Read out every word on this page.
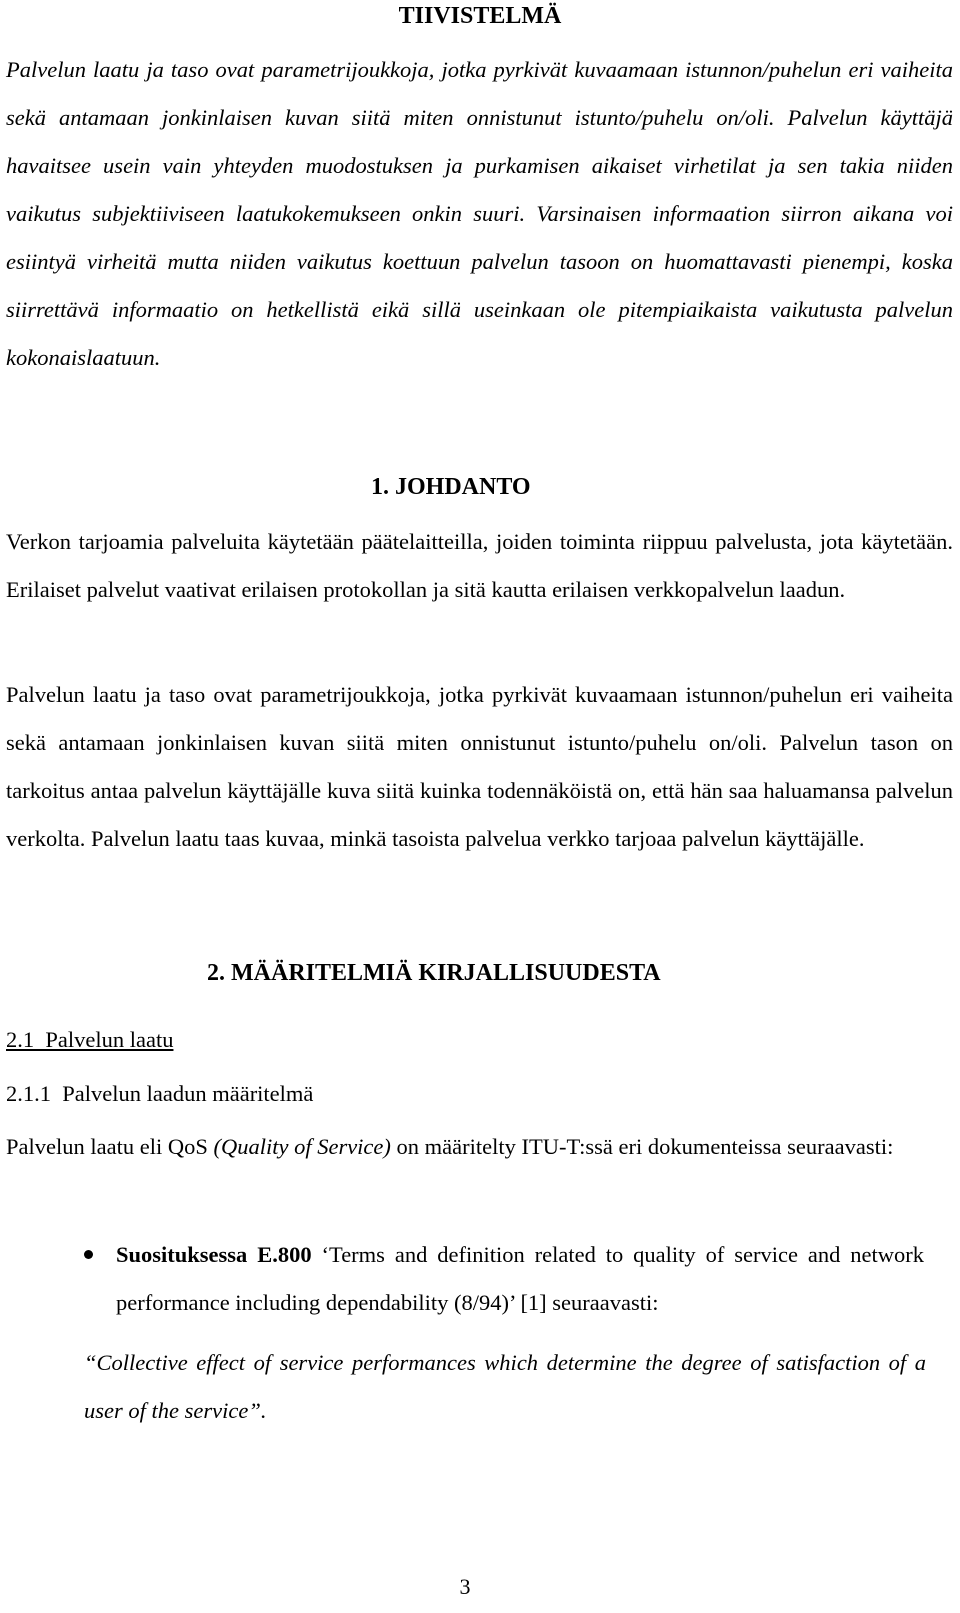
TIIVISTELMÄ
Palvelun laatu ja taso ovat parametrijoukkoja, jotka pyrkivät kuvaamaan istunnon/puhelun eri vaiheita sekä antamaan jonkinlaisen kuvan siitä miten onnistunut istunto/puhelu on/oli. Palvelun käyttäjä havaitsee usein vain yhteyden muodostuksen ja purkamisen aikaiset virhetilat ja sen takia niiden vaikutus subjektiiviseen laatukokemukseen onkin suuri. Varsinaisen informaation siirron aikana voi esiintyä virheitä mutta niiden vaikutus koettuun palvelun tasoon on huomattavasti pienempi, koska siirrettävä informaatio on hetkellistä eikä sillä useinkaan ole pitempiaikaista vaikutusta palvelun kokonaislaatuun.
1. JOHDANTO
Verkon tarjoamia palveluita käytetään päätelaitteilla, joiden toiminta riippuu palvelusta, jota käytetään. Erilaiset palvelut vaativat erilaisen protokollan ja sitä kautta erilaisen verkkopalvelun laadun.
Palvelun laatu ja taso ovat parametrijoukkoja, jotka pyrkivät kuvaamaan istunnon/puhelun eri vaiheita sekä antamaan jonkinlaisen kuvan siitä miten onnistunut istunto/puhelu on/oli. Palvelun tason on tarkoitus antaa palvelun käyttäjälle kuva siitä kuinka todennäköistä on, että hän saa haluamansa palvelun verkolta. Palvelun laatu taas kuvaa, minkä tasoista palvelua verkko tarjoaa palvelun käyttäjälle.
2. MÄÄRITELMIÄ KIRJALLISUUDESTA
2.1  Palvelun laatu
2.1.1  Palvelun laadun määritelmä
Palvelun laatu eli QoS (Quality of Service) on määritelty ITU-T:ssä eri dokumenteissa seuraavasti:
Suosituksessa E.800 ‘Terms and definition related to quality of service and network performance including dependability (8/94)’ [1] seuraavasti:
“Collective effect of service performances which determine the degree of satisfaction of a user of the service”.
3
